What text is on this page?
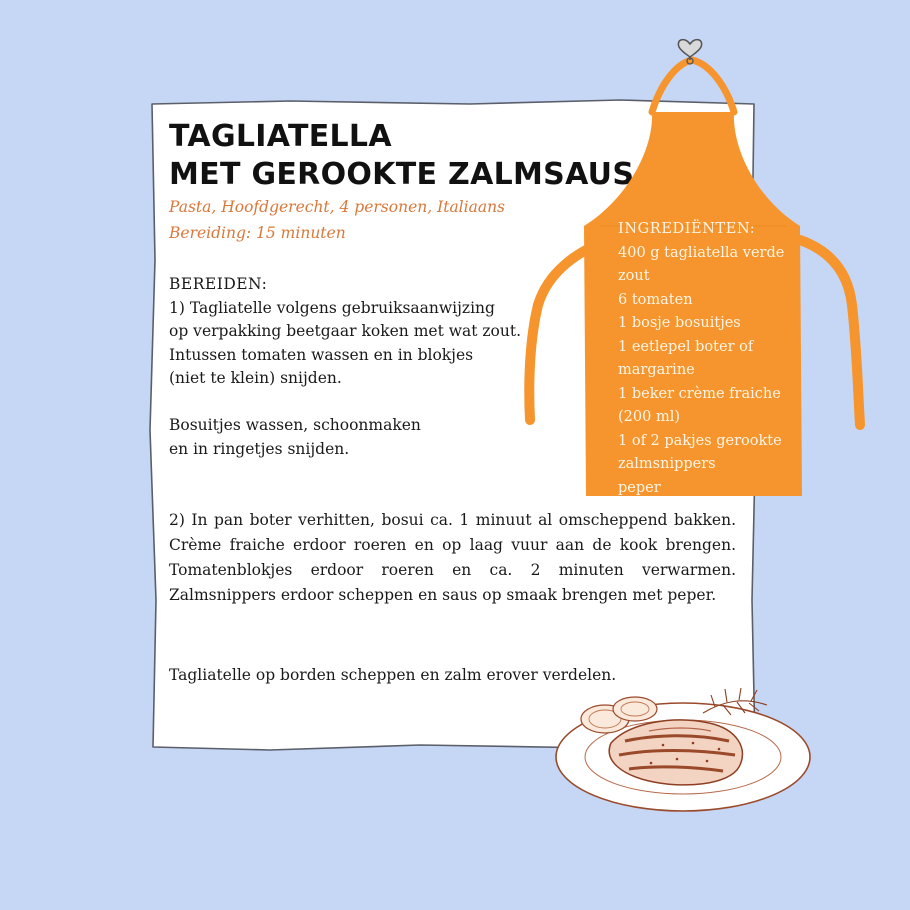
TAGLIATELLA
MET GEROOKTE ZALMSAUS
Pasta, Hoofdgerecht, 4 personen, Italiaans
Bereiding: 15 minuten
BEREIDEN:
1) Tagliatelle volgens gebruiksaanwijzing
op verpakking beetgaar koken met wat zout.
Intussen tomaten wassen en in blokjes
(niet te klein) snijden.
Bosuitjes wassen, schoonmaken
en in ringetjes snijden.

2) In pan boter verhitten, bosui ca. 1 minuut al omscheppend bakken. Crème fraiche erdoor roeren en op laag vuur aan de kook brengen. Tomatenblokjes erdoor roeren en ca. 2 minuten verwarmen. Zalmsnippers erdoor scheppen en saus op smaak brengen met peper.

Tagliatelle op borden scheppen en zalm erover verdelen.
INGREDIËNTEN:
400 g tagliatella verde
zout
6 tomaten
1 bosje bosuitjes
1 eetlepel boter of
margarine
1 beker crème fraiche
(200 ml)
1 of 2 pakjes gerookte
zalmsnippers
peper
